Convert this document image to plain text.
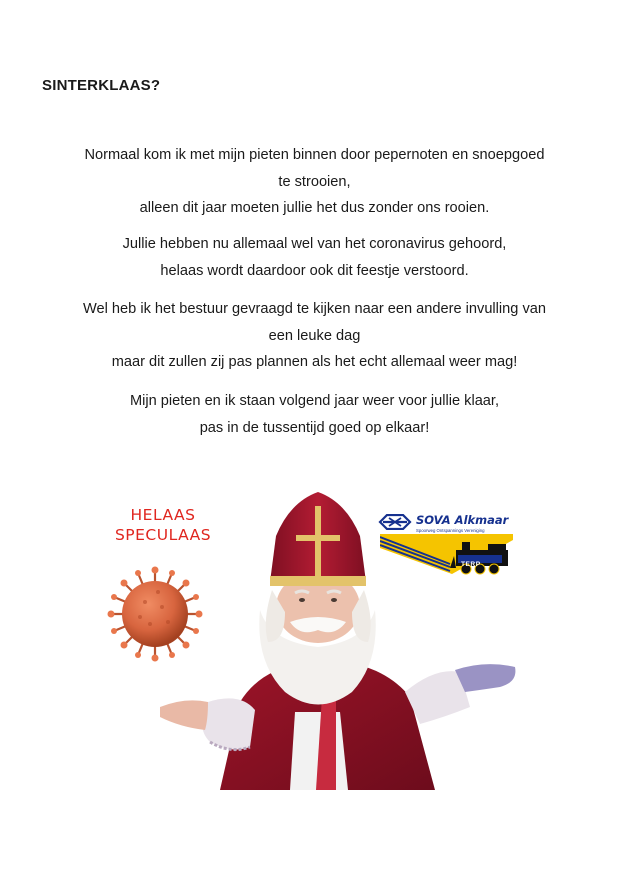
SINTERKLAAS?
Normaal kom ik met mijn pieten binnen door pepernoten en snoepgoed
te strooien,
alleen dit jaar moeten jullie het dus zonder ons rooien.
Jullie hebben nu allemaal wel van het coronavirus gehoord,
helaas wordt daardoor ook dit feestje verstoord.
Wel heb ik het bestuur gevraagd te kijken naar een andere invulling van
een leuke dag
maar dit zullen zij pas plannen als het echt allemaal weer mag!
Mijn pieten en ik staan volgend jaar weer voor jullie klaar,
pas in de tussentijd goed op elkaar!
HELAAS
SPECULAAS
SOVA Alkmaar
Spoorweg Ontspannings Vereniging
TERP
